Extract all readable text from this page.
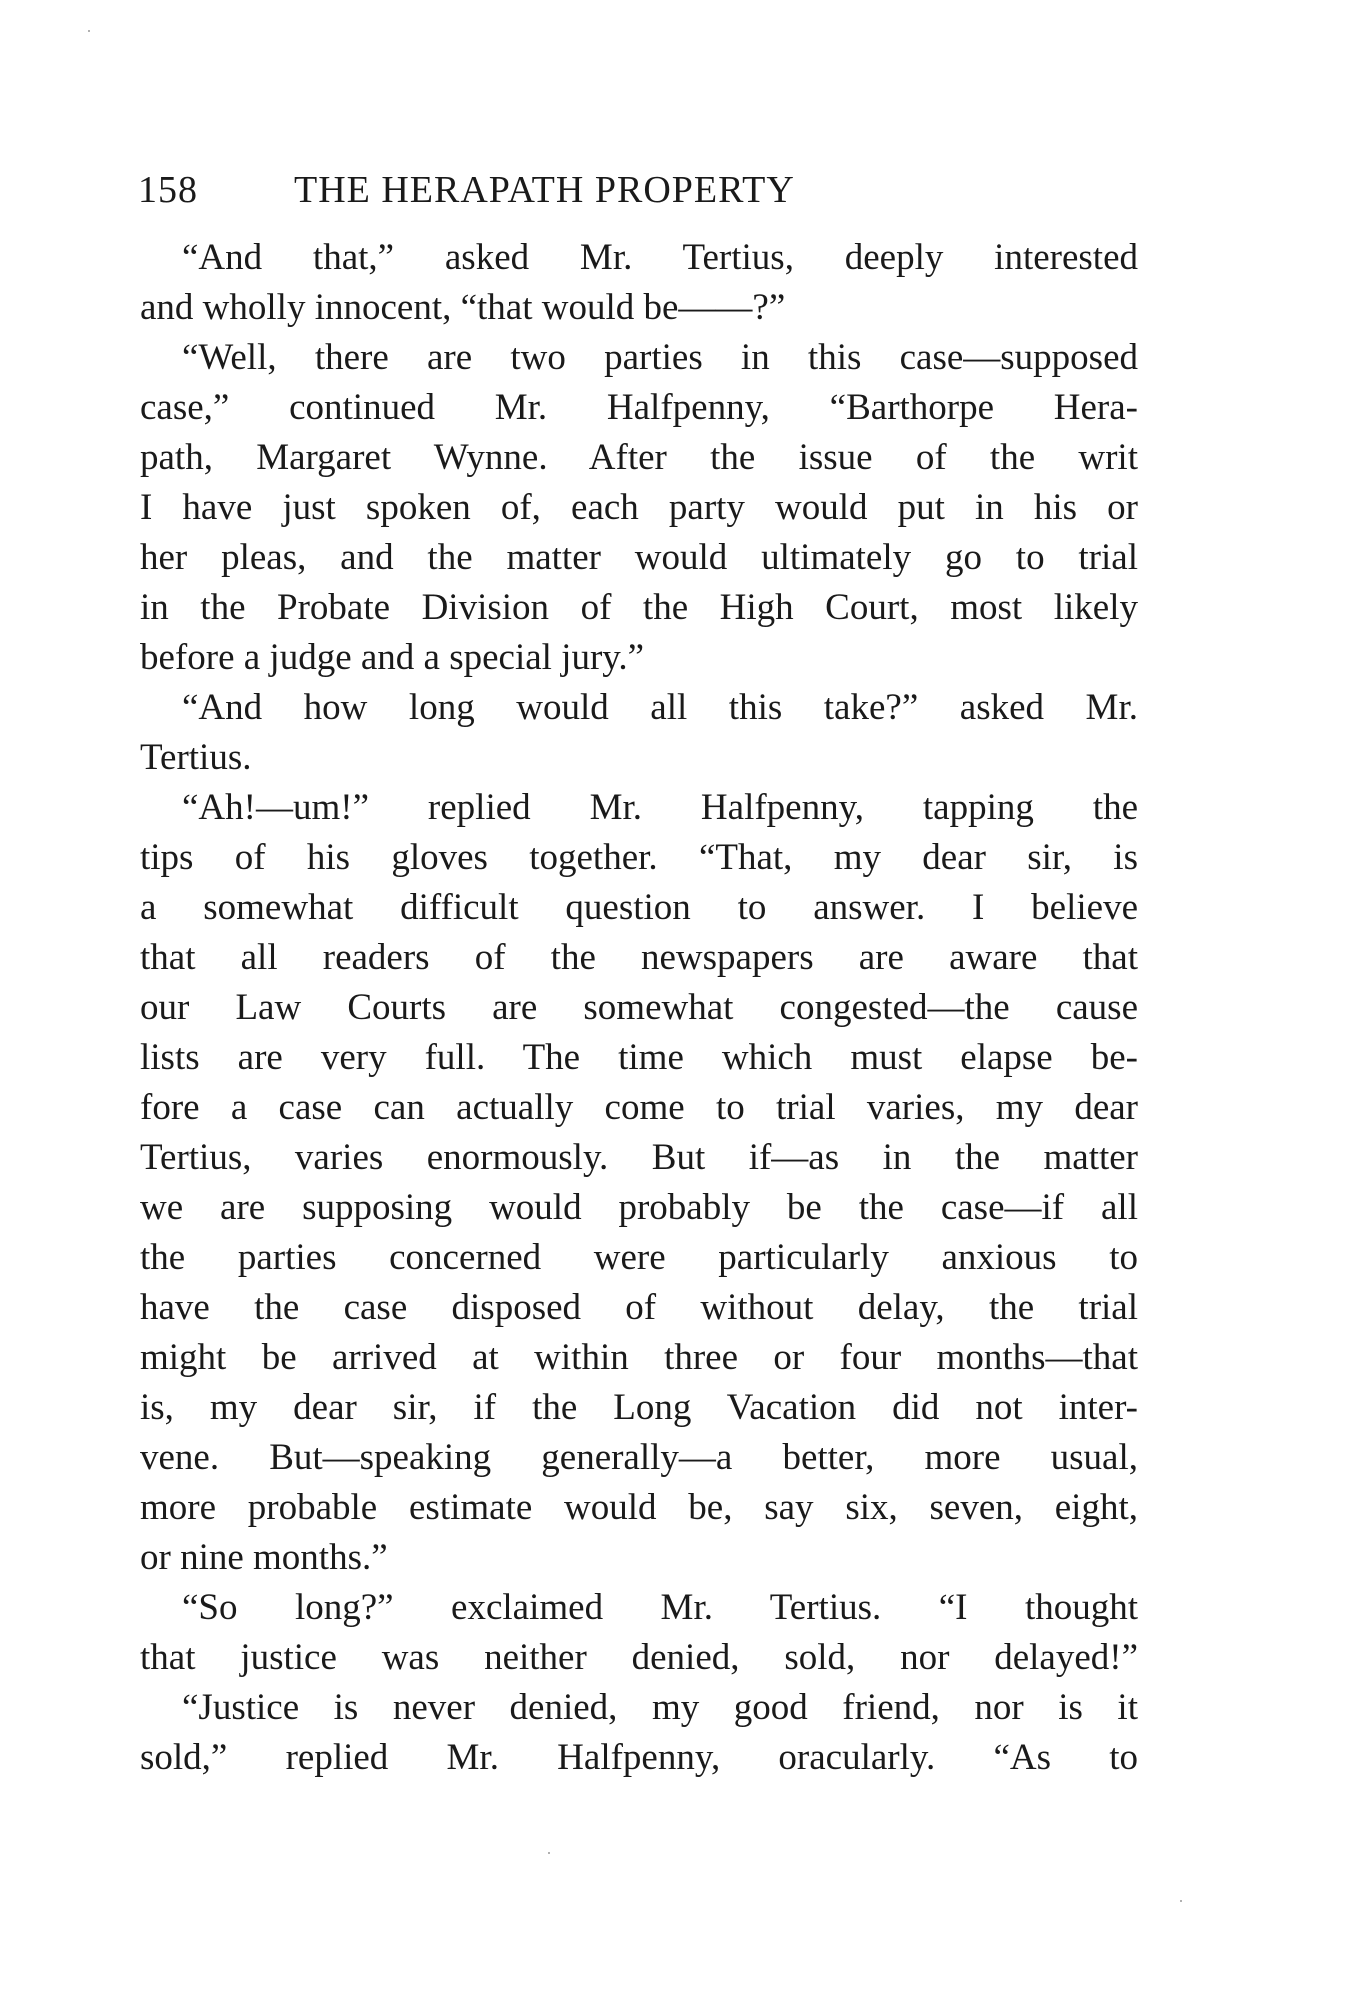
158	THE HERAPATH PROPERTY
“And that,” asked Mr. Tertius, deeply interested
and wholly innocent, “that would be——?”
“Well, there are two parties in this case—supposed
case,” continued Mr. Halfpenny, “Barthorpe Hera-
path, Margaret Wynne. After the issue of the writ
I have just spoken of, each party would put in his or
her pleas, and the matter would ultimately go to trial
in the Probate Division of the High Court, most likely
before a judge and a special jury.”
“And how long would all this take?” asked Mr.
Tertius.
“Ah!—um!” replied Mr. Halfpenny, tapping the
tips of his gloves together. “That, my dear sir, is
a somewhat difficult question to answer. I believe
that all readers of the newspapers are aware that
our Law Courts are somewhat congested—the cause
lists are very full. The time which must elapse be-
fore a case can actually come to trial varies, my dear
Tertius, varies enormously. But if—as in the matter
we are supposing would probably be the case—if all
the parties concerned were particularly anxious to
have the case disposed of without delay, the trial
might be arrived at within three or four months—that
is, my dear sir, if the Long Vacation did not inter-
vene. But—speaking generally—a better, more usual,
more probable estimate would be, say six, seven, eight,
or nine months.”
“So long?” exclaimed Mr. Tertius. “I thought
that justice was neither denied, sold, nor delayed!”
“Justice is never denied, my good friend, nor is it
sold,” replied Mr. Halfpenny, oracularly. “As to
